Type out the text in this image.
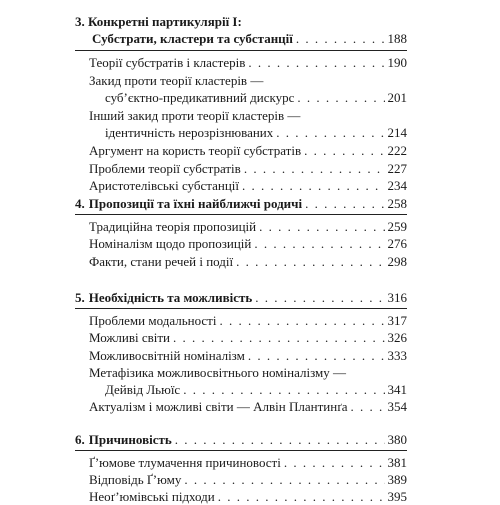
3. Конкретні партикулярії І:
Субстрати, кластери та субстанції . . .	188
Теорії субстратів і кластерів . . .	190
Закид проти теорії кластерів —
суб’єктно-предикативний дискурс . . .	201
Інший закид проти теорії кластерів —
ідентичність нерозрізнюваних . . .	214
Аргумент на користь теорії субстратів . . .	222
Проблеми теорії субстратів . . .	227
Аристотелівські субстанції . . .	234
4. Пропозиції та їхні найближчі родичі . . .	258
Традиційна теорія пропозицій . . .	259
Номіналізм щодо пропозицій . . .	276
Факти, стани речей і події . . .	298
5. Необхідність та можливість . . .	316
Проблеми модальності . . .	317
Можливі світи . . .	326
Можливосвітній номіналізм . . .	333
Метафізика можливосвітнього номіналізму —
Дейвід Льюїс . . .	341
Актуалізм і можливі світи — Алвін Плантинґа . . .	354
6. Причиновість . . .	380
Ґ’юмове тлумачення причиновості . . .	381
Відповідь Ґ’юму . . .	389
Неоґ’юмівські підходи . . .	395
